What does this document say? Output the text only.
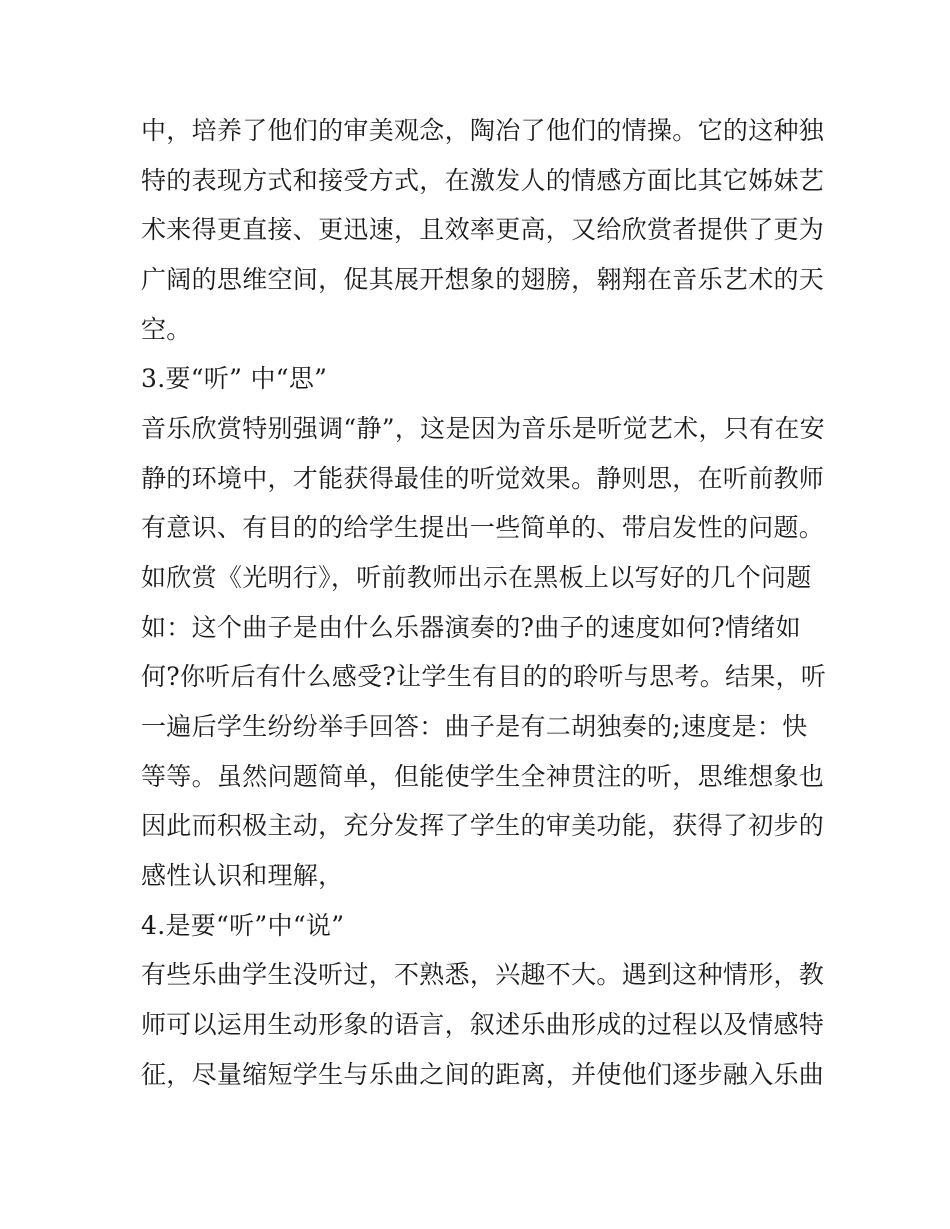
中，培养了他们的审美观念，陶冶了他们的情操。它的这种独
特的表现方式和接受方式，在激发人的情感方面比其它姊妹艺
术来得更直接、更迅速，且效率更高，又给欣赏者提供了更为
广阔的思维空间，促其展开想象的翅膀，翱翔在音乐艺术的天
空。
3.要“听” 中“思”
音乐欣赏特别强调“静”，这是因为音乐是听觉艺术，只有在安
静的环境中，才能获得最佳的听觉效果。静则思，在听前教师
有意识、有目的的给学生提出一些简单的、带启发性的问题。
如欣赏《光明行》，听前教师出示在黑板上以写好的几个问题
如：这个曲子是由什么乐器演奏的?曲子的速度如何?情绪如
何?你听后有什么感受?让学生有目的的聆听与思考。结果，听
一遍后学生纷纷举手回答：曲子是有二胡独奏的;速度是：快
等等。虽然问题简单，但能使学生全神贯注的听，思维想象也
因此而积极主动，充分发挥了学生的审美功能，获得了初步的
感性认识和理解，
4.是要“听”中“说”
有些乐曲学生没听过，不熟悉，兴趣不大。遇到这种情形，教
师可以运用生动形象的语言，叙述乐曲形成的过程以及情感特
征，尽量缩短学生与乐曲之间的距离，并使他们逐步融入乐曲
